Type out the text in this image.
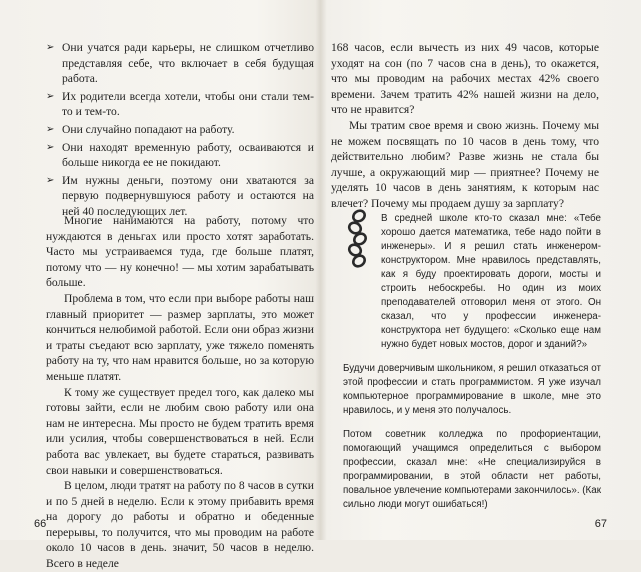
➢ Они учатся ради карьеры, не слишком отчетливо представляя себе, что включает в себя будущая работа.
➢ Их родители всегда хотели, чтобы они стали тем-то и тем-то.
➢ Они случайно попадают на работу.
➢ Они находят временную работу, осваиваются и больше никогда ее не покидают.
➢ Им нужны деньги, поэтому они хватаются за первую подвернувшуюся работу и остаются на ней 40 последующих лет.

Многие нанимаются на работу, потому что нуждаются в деньгах или просто хотят заработать. Часто мы устраиваемся туда, где больше платят, потому что — ну конечно! — мы хотим зарабатывать больше.

Проблема в том, что если при выборе работы наш главный приоритет — размер зарплаты, это может кончиться нелюбимой работой. Если они образ жизни и траты съедают всю зарплату, уже тяжело поменять работу на ту, что нам нравится больше, но за которую меньше платят.

К тому же существует предел того, как далеко мы готовы зайти, если не любим свою работу или она нам не интересна. Мы просто не будем тратить время или усилия, чтобы совершенствоваться в ней. Если работа вас увлекает, вы будете стараться, развивать свои навыки и совершенствоваться.

В целом, люди тратят на работу по 8 часов в сутки и по 5 дней в неделю. Если к этому прибавить время на дорогу до работы и обратно и обеденные перерывы, то получится, что мы проводим на работе около 10 часов в день. значит, 50 часов в неделю. Всего в неделе

66

168 часов, если вычесть из них 49 часов, которые уходят на сон (по 7 часов сна в день), то окажется, что мы проводим на рабочих местах 42% своего времени. Зачем тратить 42% нашей жизни на дело, что не нравится?

Мы тратим свое время и свою жизнь. Почему мы не можем посвящать по 10 часов в день тому, что действительно любим? Разве жизнь не стала бы лучше, а окружающий мир — приятнее? Почему не уделять 10 часов в день занятиям, к которым нас влечет? Почему мы продаем душу за зарплату?

В средней школе кто-то сказал мне: «Тебе хорошо дается математика, тебе надо пойти в инженеры». И я решил стать инженером-конструктором. Мне нравилось представлять, как я буду проектировать дороги, мосты и строить небоскребы. Но один из моих преподавателей отговорил меня от этого. Он сказал, что у профессии инженера-конструктора нет будущего: «Сколько еще нам нужно будет новых мостов, дорог и зданий?»
Будучи доверчивым школьником, я решил отказаться от этой профессии и стать программистом. Я уже изучал компьютерное программирование в школе, мне это нравилось, и у меня это получалось.
Потом советник колледжа по профориентации, помогающий учащимся определиться с выбором профессии, сказал мне: «Не специализируйся в программировании, в этой области нет работы, повальное увлечение компьютерами закончилось». (Как сильно люди могут ошибаться!)
67
